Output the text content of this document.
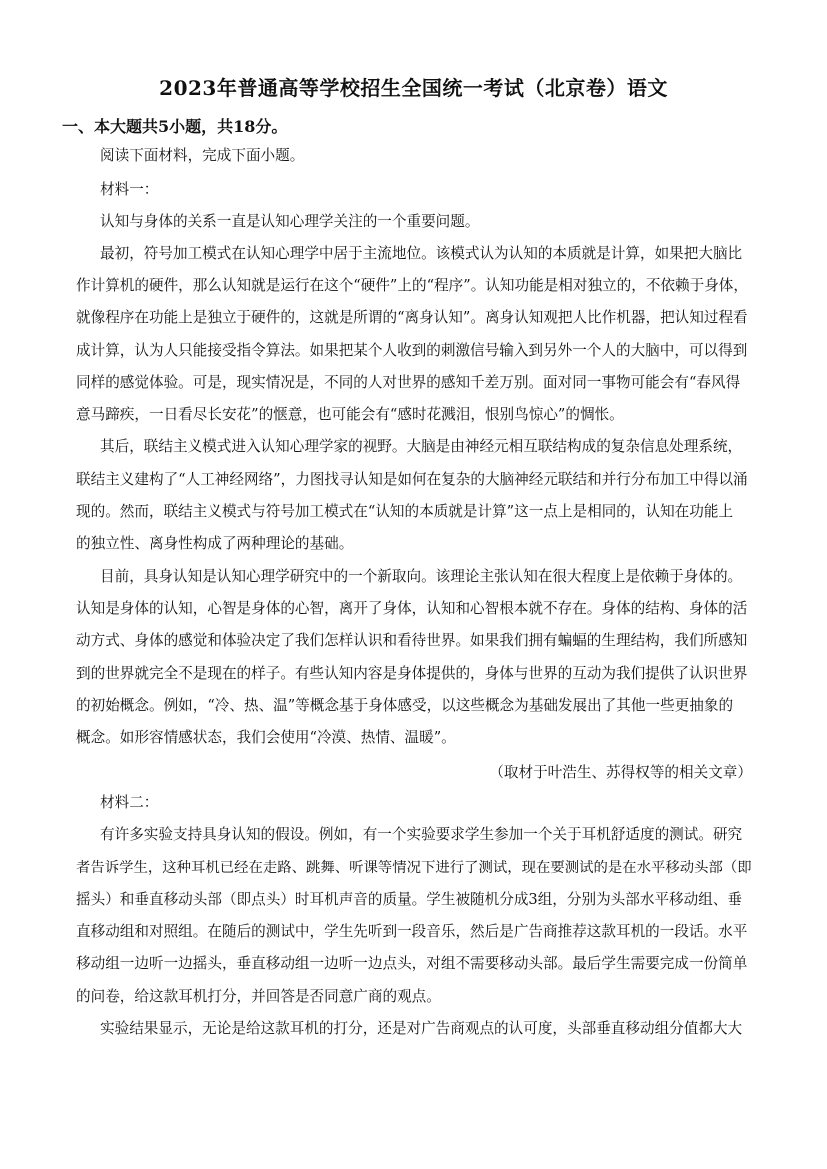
2023年普通高等学校招生全国统一考试（北京卷）语文
一、本大题共5小题，共18分。
阅读下面材料，完成下面小题。
材料一：
认知与身体的关系一直是认知心理学关注的一个重要问题。
最初，符号加工模式在认知心理学中居于主流地位。该模式认为认知的本质就是计算，如果把大脑比
作计算机的硬件，那么认知就是运行在这个“硬件”上的“程序”。认知功能是相对独立的，不依赖于身体，
就像程序在功能上是独立于硬件的，这就是所谓的“离身认知”。离身认知观把人比作机器，把认知过程看
成计算，认为人只能接受指令算法。如果把某个人收到的刺激信号输入到另外一个人的大脑中，可以得到
同样的感觉体验。可是，现实情况是，不同的人对世界的感知千差万别。面对同一事物可能会有“春风得
意马蹄疾，一日看尽长安花”的惬意，也可能会有“感时花溅泪，恨别鸟惊心”的惆怅。
其后，联结主义模式进入认知心理学家的视野。大脑是由神经元相互联结构成的复杂信息处理系统，
联结主义建构了“人工神经网络”，力图找寻认知是如何在复杂的大脑神经元联结和并行分布加工中得以涌
现的。然而，联结主义模式与符号加工模式在“认知的本质就是计算”这一点上是相同的，认知在功能上
的独立性、离身性构成了两种理论的基础。
目前，具身认知是认知心理学研究中的一个新取向。该理论主张认知在很大程度上是依赖于身体的。
认知是身体的认知，心智是身体的心智，离开了身体，认知和心智根本就不存在。身体的结构、身体的活
动方式、身体的感觉和体验决定了我们怎样认识和看待世界。如果我们拥有蝙蝠的生理结构，我们所感知
到的世界就完全不是现在的样子。有些认知内容是身体提供的，身体与世界的互动为我们提供了认识世界
的初始概念。例如，“冷、热、温”等概念基于身体感受，以这些概念为基础发展出了其他一些更抽象的
概念。如形容情感状态，我们会使用“冷漠、热情、温暖”。
（取材于叶浩生、苏得权等的相关文章）
材料二：
有许多实验支持具身认知的假设。例如，有一个实验要求学生参加一个关于耳机舒适度的测试。研究
者告诉学生，这种耳机已经在走路、跳舞、听课等情况下进行了测试，现在要测试的是在水平移动头部（即
摇头）和垂直移动头部（即点头）时耳机声音的质量。学生被随机分成3组，分别为头部水平移动组、垂
直移动组和对照组。在随后的测试中，学生先听到一段音乐，然后是广告商推荐这款耳机的一段话。水平
移动组一边听一边摇头，垂直移动组一边听一边点头，对组不需要移动头部。最后学生需要完成一份简单
的问卷，给这款耳机打分，并回答是否同意广商的观点。
实验结果显示，无论是给这款耳机的打分，还是对广告商观点的认可度，头部垂直移动组分值都大大
